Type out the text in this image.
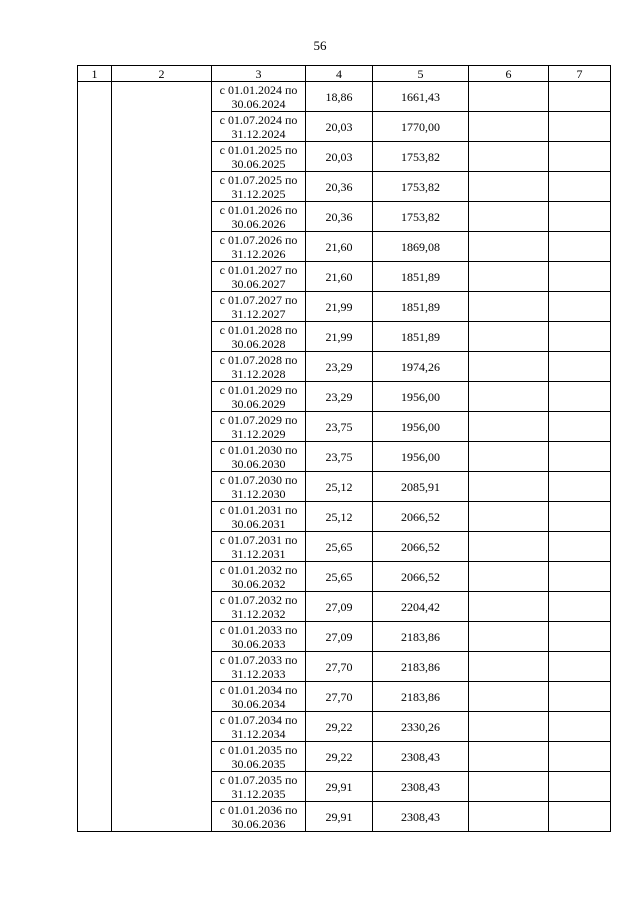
56
1	2	3	4	5	6	7
		с 01.01.2024 по
30.06.2024	18,86	1661,43		
		с 01.07.2024 по
31.12.2024	20,03	1770,00		
		с 01.01.2025 по
30.06.2025	20,03	1753,82		
		с 01.07.2025 по
31.12.2025	20,36	1753,82		
		с 01.01.2026 по
30.06.2026	20,36	1753,82		
		с 01.07.2026 по
31.12.2026	21,60	1869,08		
		с 01.01.2027 по
30.06.2027	21,60	1851,89		
		с 01.07.2027 по
31.12.2027	21,99	1851,89		
		с 01.01.2028 по
30.06.2028	21,99	1851,89		
		с 01.07.2028 по
31.12.2028	23,29	1974,26		
		с 01.01.2029 по
30.06.2029	23,29	1956,00		
		с 01.07.2029 по
31.12.2029	23,75	1956,00		
		с 01.01.2030 по
30.06.2030	23,75	1956,00		
		с 01.07.2030 по
31.12.2030	25,12	2085,91		
		с 01.01.2031 по
30.06.2031	25,12	2066,52		
		с 01.07.2031 по
31.12.2031	25,65	2066,52		
		с 01.01.2032 по
30.06.2032	25,65	2066,52		
		с 01.07.2032 по
31.12.2032	27,09	2204,42		
		с 01.01.2033 по
30.06.2033	27,09	2183,86		
		с 01.07.2033 по
31.12.2033	27,70	2183,86		
		с 01.01.2034 по
30.06.2034	27,70	2183,86		
		с 01.07.2034 по
31.12.2034	29,22	2330,26		
		с 01.01.2035 по
30.06.2035	29,22	2308,43		
		с 01.07.2035 по
31.12.2035	29,91	2308,43		
		с 01.01.2036 по
30.06.2036	29,91	2308,43		
